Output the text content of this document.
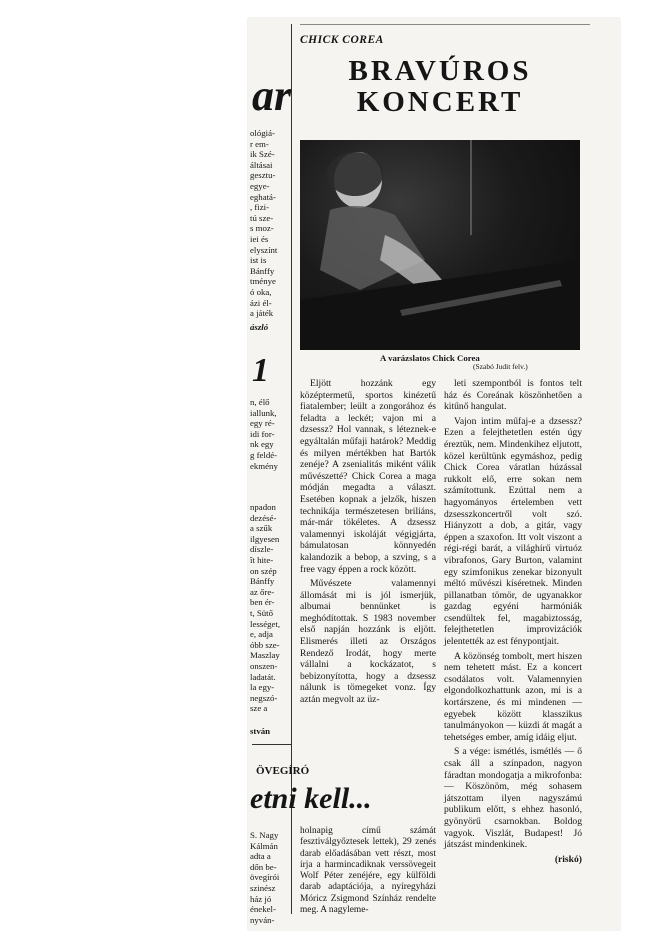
ar
ológiá-
r em-
ik Szé-
áltásai
gesztu-
egye-
eghatá-
, fizi-
tú sze-
s moz-
iei és
elyszínt
ist is
Bánffy
tménye
ó oka,
ázi él-
a játék
ászló
1
n, élő
iallunk,
egy ré-
idi for-
nk egy
g feldé-
ekmény
npadon
dezésé-
a szűk
ilgyesen
díszle-
ît hite-
on szép
Bánffy
az őre-
ben ér-
t, Sütő
lességet,
e, adja
óbb sze-
Maszlay
onszen-
ladatát.
la egy-
negszó-
sze a
stván
ÖVEGÍRÓ
etni kell...
S. Nagy
Kálmán
adta a
dőn be-
övegírói
szinész
ház jó
énekel-
nyván-
holnapig című számát fesztiválgyőztesek lettek), 29 zenés darab előadásában vett részt, most írja a harmincadiknak verssövegeit Wolf Péter zenéjére, egy külföldi darab adaptációja, a nyíregyházi Móricz Zsigmond Színház rendelte meg. A nagyleme-
CHICK COREA
BRAVÚROS
KONCERT
A varázslatos Chick Corea
(Szabó Judit felv.)

Eljött hozzánk egy középtermetű, sportos kinézetű fiatalember; leült a zongorához és feladta a leckét; vajon mi a dzsessz? Hol vannak, s léteznek-e egyáltalán műfaji határok? Meddig és milyen mértékben hat Bartók zenéje? A zsenialitás miként válik művészetté? Chick Corea a maga módján megadta a választ. Esetében kopnak a jelzők, hiszen technikája természetesen briliáns, már-már tökéletes. A dzsessz valamennyi iskoláját végigjárta, bámulatosan könnyedén kalandozik a bebop, a szving, s a free vagy éppen a rock között.

Művészete valamennyi állomását mi is jól ismerjük, albumai bennünket is meghódítottak. S 1983 november első napján hozzánk is eljött. Elismerés illeti az Országos Rendező Irodát, hogy merte vállalni a kockázatot, s bebizonyította, hogy a dzsessz nálunk is tömegeket vonz. Így aztán megvolt az üz-

leti szempontból is fontos telt ház és Coreának köszönhetően a kitűnő hangulat.

Vajon intim műfaj-e a dzsessz? Ezen a felejthetetlen estén úgy éreztük, nem. Mindenkihez eljutott, közel kerültünk egymáshoz, pedig Chick Corea váratlan húzással rukkolt elő, erre sokan nem számítottunk. Ezúttal nem a hagyományos értelemben vett dzsesszkoncertről volt szó. Hiányzott a dob, a gitár, vagy éppen a szaxofon. Itt volt viszont a régi-régi barát, a világhírű virtuóz vibrafonos, Gary Burton, valamint egy szimfonikus zenekar bizonyult méltó művészi kíséretnek. Minden pillanatban tömör, de ugyanakkor gazdag egyéni harmóniák csendültek fel, magabiztosság, felejthetetlen improvizációk jelentették az est fénypontjait.

A közönség tombolt, mert hiszen nem tehetett mást. Ez a koncert csodálatos volt. Valamennyien elgondolkozhattunk azon, mi is a kortárszene, és mi mindenen — egyebek között klasszikus tanulmányokon — küzdi át magát a tehetséges ember, amíg idáig eljut.

S a vége: ismétlés, ismétlés — ő csak áll a színpadon, nagyon fáradtan mondogatja a mikrofonba: — Köszönöm, még sohasem játszottam ilyen nagyszámú publikum előtt, s ehhez hasonló, gyönyörű csarnokban. Boldog vagyok. Viszlát, Budapest! Jó játszást mindenkinek.

(riskó)
